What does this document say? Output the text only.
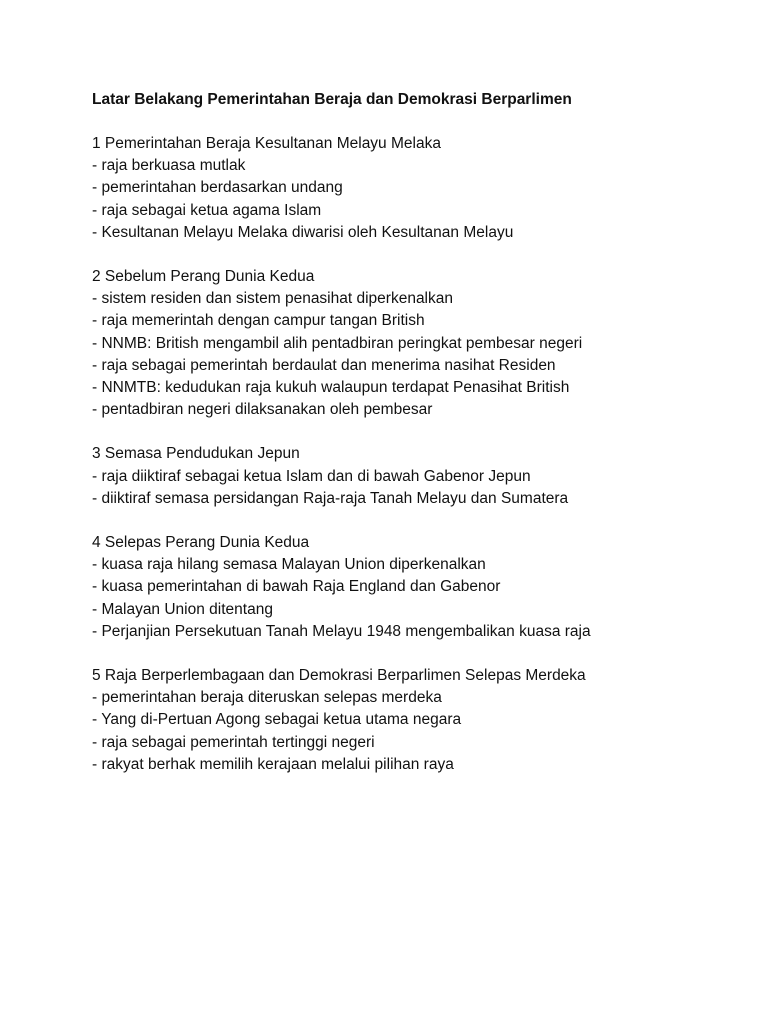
Latar Belakang Pemerintahan Beraja dan Demokrasi Berparlimen
1 Pemerintahan Beraja Kesultanan Melayu Melaka
- raja berkuasa mutlak
- pemerintahan berdasarkan undang
- raja sebagai ketua agama Islam
- Kesultanan Melayu Melaka diwarisi oleh Kesultanan Melayu
2 Sebelum Perang Dunia Kedua
- sistem residen dan sistem penasihat diperkenalkan
- raja memerintah dengan campur tangan British
- NNMB: British mengambil alih pentadbiran peringkat pembesar negeri
- raja sebagai pemerintah berdaulat dan menerima nasihat Residen
- NNMTB: kedudukan raja kukuh walaupun terdapat Penasihat British
- pentadbiran negeri dilaksanakan oleh pembesar
3 Semasa Pendudukan Jepun
- raja diiktiraf sebagai ketua Islam dan di bawah Gabenor Jepun
- diiktiraf semasa persidangan Raja-raja Tanah Melayu dan Sumatera
4 Selepas Perang Dunia Kedua
- kuasa raja hilang semasa Malayan Union diperkenalkan
- kuasa pemerintahan di bawah Raja England dan Gabenor
- Malayan Union ditentang
- Perjanjian Persekutuan Tanah Melayu 1948 mengembalikan kuasa raja
5 Raja Berperlembagaan dan Demokrasi Berparlimen Selepas Merdeka
- pemerintahan beraja diteruskan selepas merdeka
- Yang di-Pertuan Agong sebagai ketua utama negara
- raja sebagai pemerintah tertinggi negeri
- rakyat berhak memilih kerajaan melalui pilihan raya
